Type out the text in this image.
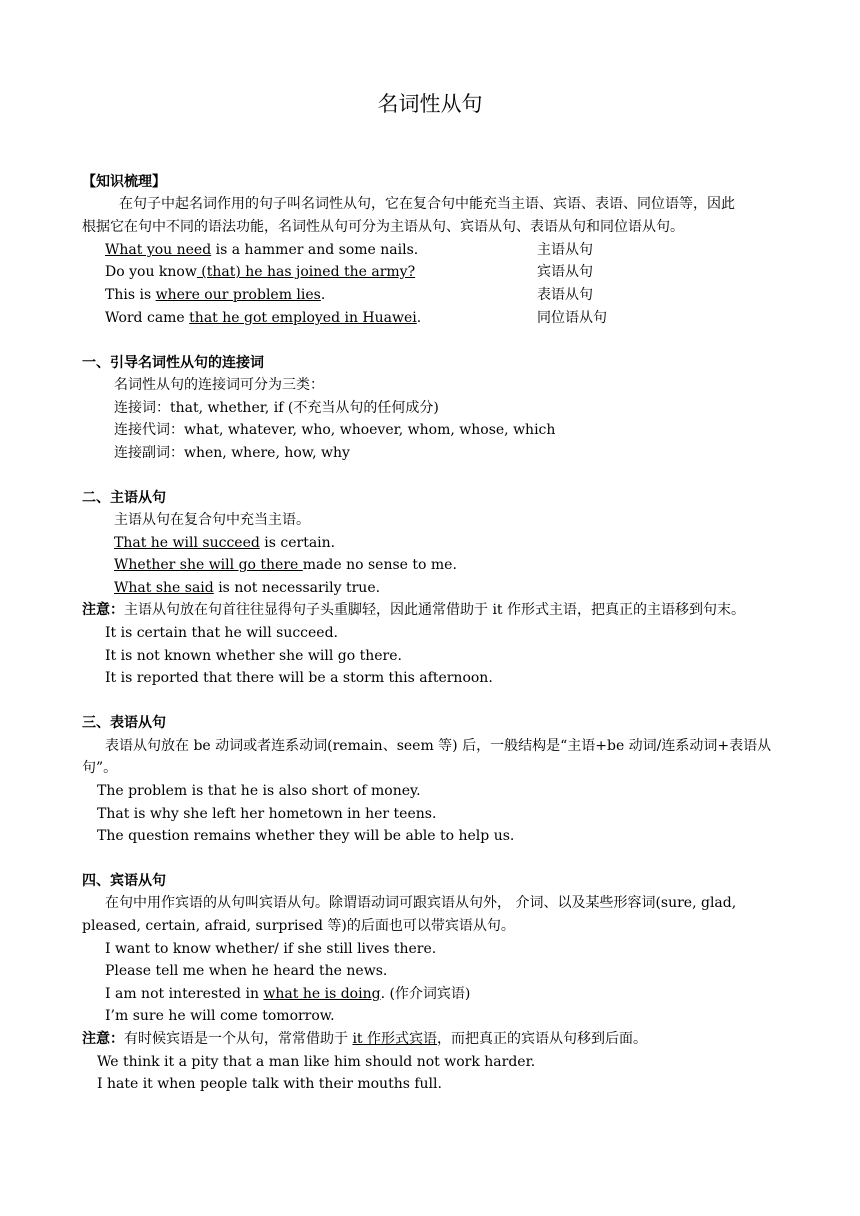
名词性从句
【知识梳理】
在句子中起名词作用的句子叫名词性从句，它在复合句中能充当主语、宾语、表语、同位语等，因此
根据它在句中不同的语法功能，名词性从句可分为主语从句、宾语从句、表语从句和同位语从句。
What you need is a hammer and some nails.	主语从句
Do you know (that) he has joined the army?	宾语从句
This is where our problem lies.	表语从句
Word came that he got employed in Huawei.	同位语从句
一、引导名词性从句的连接词
名词性从句的连接词可分为三类：
连接词：that, whether, if (不充当从句的任何成分)
连接代词：what, whatever, who, whoever, whom, whose, which
连接副词：when, where, how, why
二、主语从句
主语从句在复合句中充当主语。
That he will succeed is certain.
Whether she will go there made no sense to me.
What she said is not necessarily true.
注意：主语从句放在句首往往显得句子头重脚轻，因此通常借助于 it 作形式主语，把真正的主语移到句末。
It is certain that he will succeed.
It is not known whether she will go there.
It is reported that there will be a storm this afternoon.
三、表语从句
表语从句放在 be 动词或者连系动词(remain、seem 等) 后，一般结构是“主语+be 动词/连系动词+表语从
句”。
The problem is that he is also short of money.
That is why she left her hometown in her teens.
The question remains whether they will be able to help us.
四、宾语从句
在句中用作宾语的从句叫宾语从句。除谓语动词可跟宾语从句外， 介词、以及某些形容词(sure, glad,
pleased, certain, afraid, surprised 等)的后面也可以带宾语从句。
I want to know whether/ if she still lives there.
Please tell me when he heard the news.
I am not interested in what he is doing. (作介词宾语)
I’m sure he will come tomorrow.
注意：有时候宾语是一个从句，常常借助于 it 作形式宾语，而把真正的宾语从句移到后面。
We think it a pity that a man like him should not work harder.
I hate it when people talk with their mouths full.
